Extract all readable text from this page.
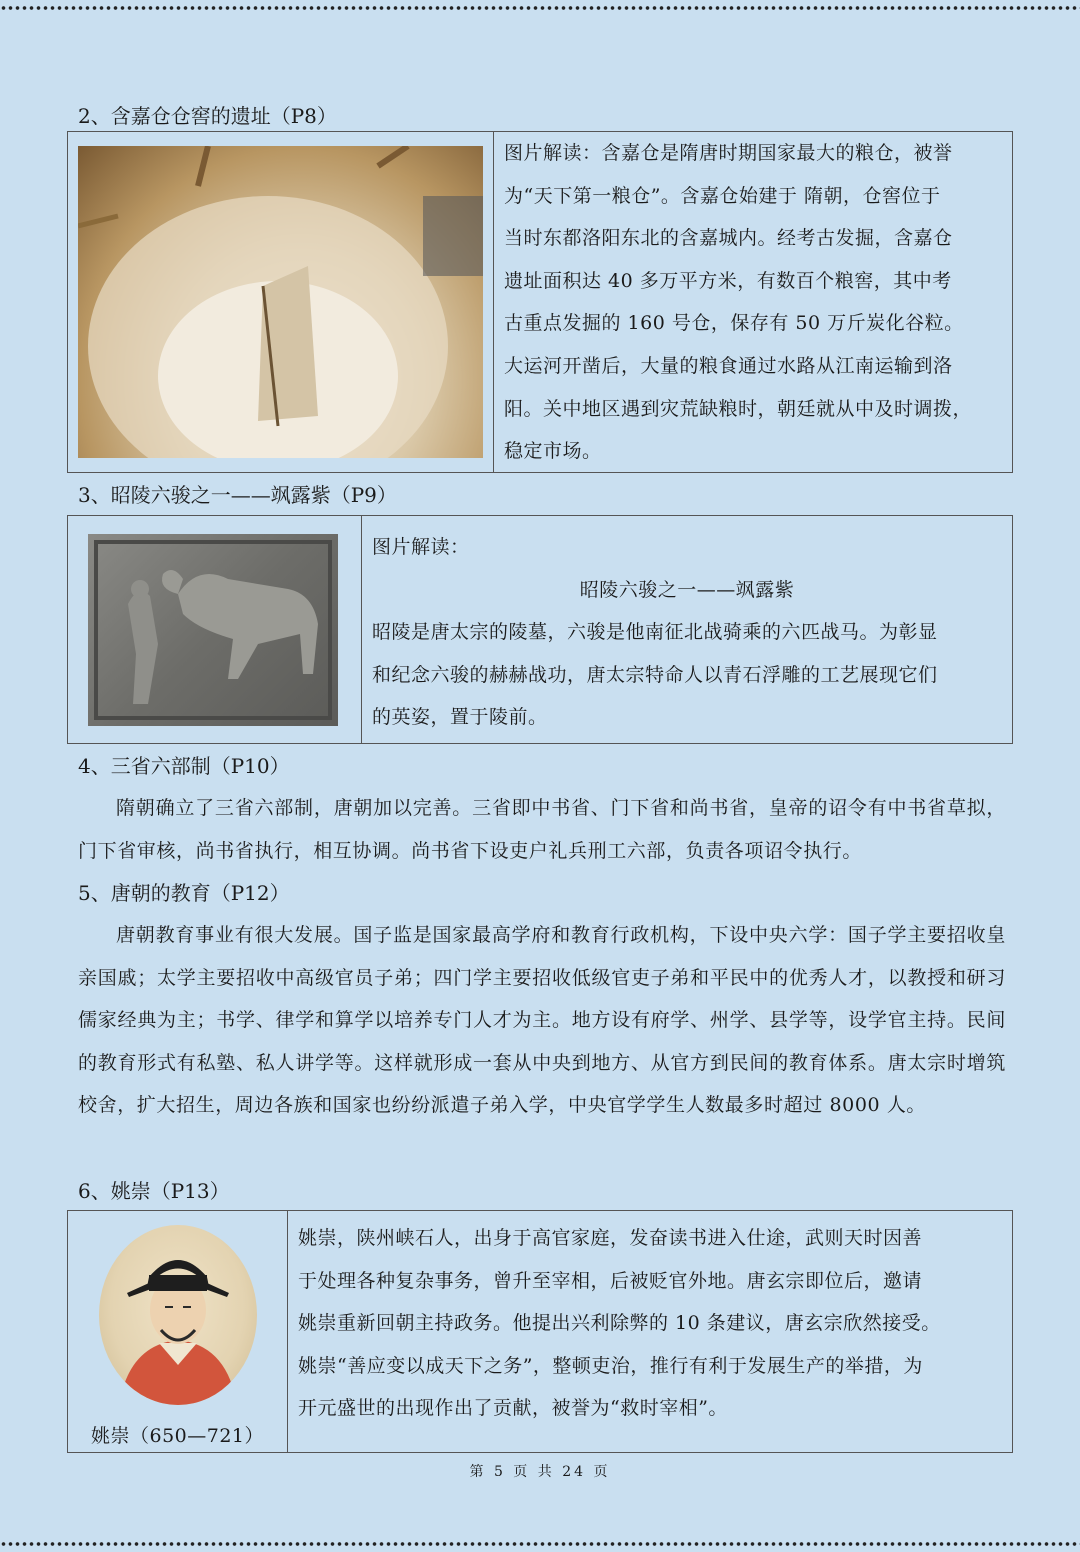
2、含嘉仓仓窖的遗址（P8）
图片解读：含嘉仓是隋唐时期国家最大的粮仓，被誉
为“天下第一粮仓”。含嘉仓始建于 隋朝，仓窖位于
当时东都洛阳东北的含嘉城内。经考古发掘，含嘉仓
遗址面积达 40 多万平方米，有数百个粮窖，其中考
古重点发掘的 160 号仓，保存有 50 万斤炭化谷粒。
大运河开凿后，大量的粮食通过水路从江南运输到洛
阳。关中地区遇到灾荒缺粮时，朝廷就从中及时调拨，
稳定市场。
3、昭陵六骏之一——飒露紫（P9）
图片解读：
昭陵六骏之一——飒露紫
昭陵是唐太宗的陵墓，六骏是他南征北战骑乘的六匹战马。为彰显
和纪念六骏的赫赫战功，唐太宗特命人以青石浮雕的工艺展现它们
的英姿，置于陵前。
4、三省六部制（P10）
隋朝确立了三省六部制，唐朝加以完善。三省即中书省、门下省和尚书省，皇帝的诏令有中书省草拟，门下省审核，尚书省执行，相互协调。尚书省下设吏户礼兵刑工六部，负责各项诏令执行。
5、唐朝的教育（P12）
唐朝教育事业有很大发展。国子监是国家最高学府和教育行政机构，下设中央六学：国子学主要招收皇亲国戚；太学主要招收中高级官员子弟；四门学主要招收低级官吏子弟和平民中的优秀人才，以教授和研习儒家经典为主；书学、律学和算学以培养专门人才为主。地方设有府学、州学、县学等，设学官主持。民间的教育形式有私塾、私人讲学等。这样就形成一套从中央到地方、从官方到民间的教育体系。唐太宗时增筑校舍，扩大招生，周边各族和国家也纷纷派遣子弟入学，中央官学学生人数最多时超过 8000 人。
6、姚崇（P13）
姚崇（650—721）
姚崇，陕州峡石人，出身于高官家庭，发奋读书进入仕途，武则天时因善
于处理各种复杂事务，曾升至宰相，后被贬官外地。唐玄宗即位后，邀请
姚崇重新回朝主持政务。他提出兴利除弊的 10 条建议，唐玄宗欣然接受。
姚崇“善应变以成天下之务”，整顿吏治，推行有利于发展生产的举措，为
开元盛世的出现作出了贡献，被誉为“救时宰相”。
第 5 页 共 24 页
